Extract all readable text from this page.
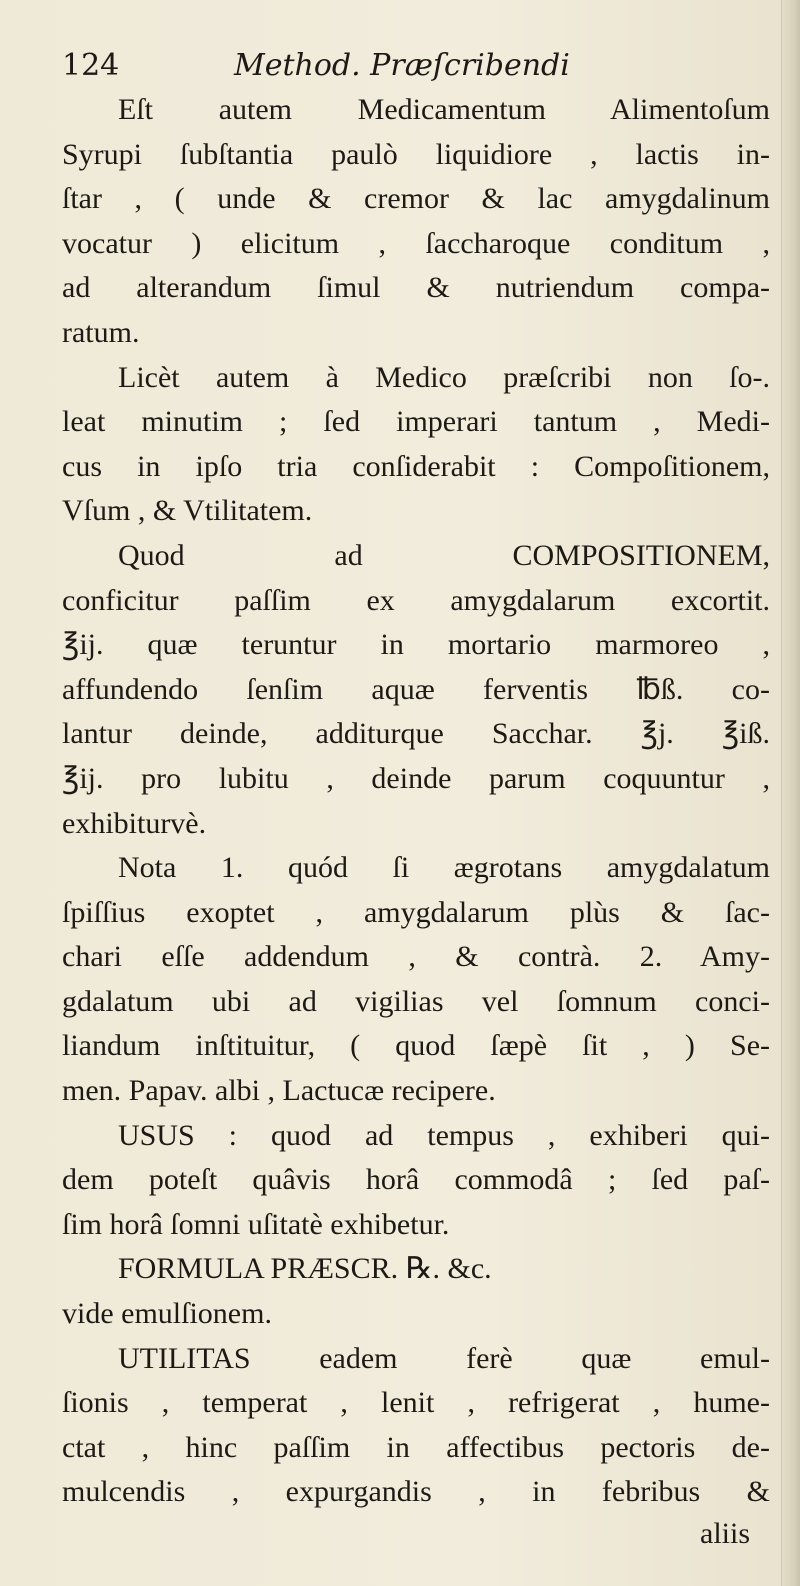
124	Method. Præſcribendi
Eſt autem Medicamentum Alimentoſum
Syrupi ſubſtantia paulò liquidiore , lactis in-
ſtar , ( unde & cremor & lac amygdalinum
vocatur ) elicitum , ſaccharoque conditum ,
ad alterandum ſimul & nutriendum compa-
ratum.
Licèt autem à Medico præſcribi non ſo-.
leat minutim ; ſed imperari tantum , Medi-
cus in ipſo tria conſiderabit : Compoſitionem,
Vſum , & Vtilitatem.
Quod ad COMPOSITIONEM,
conficitur paſſim ex amygdalarum excortit.
℥ij. quæ teruntur in mortario marmoreo ,
affundendo ſenſim aquæ ferventis ℔ß. co-
lantur deinde, additurque Sacchar. ℥j. ℥iß.
℥ij. pro lubitu , deinde parum coquuntur ,
exhibiturvè.
Nota 1. quód ſi ægrotans amygdalatum
ſpiſſius exoptet , amygdalarum plùs & ſac-
chari eſſe addendum , & contrà. 2. Amy-
gdalatum ubi ad vigilias vel ſomnum conci-
liandum inſtituitur, ( quod ſæpè ſit , ) Se-
men. Papav. albi , Lactucæ recipere.
USUS : quod ad tempus , exhiberi qui-
dem poteſt quâvis horâ commodâ ; ſed paſ-
ſim horâ ſomni uſitatè exhibetur.
FORMULA PRÆSCR. ℞. &c.
vide emulſionem.
UTILITAS eadem ferè quæ emul-
ſionis , temperat , lenit , refrigerat , hume-
ctat , hinc paſſim in affectibus pectoris de-
mulcendis , expurgandis , in febribus &
aliis
